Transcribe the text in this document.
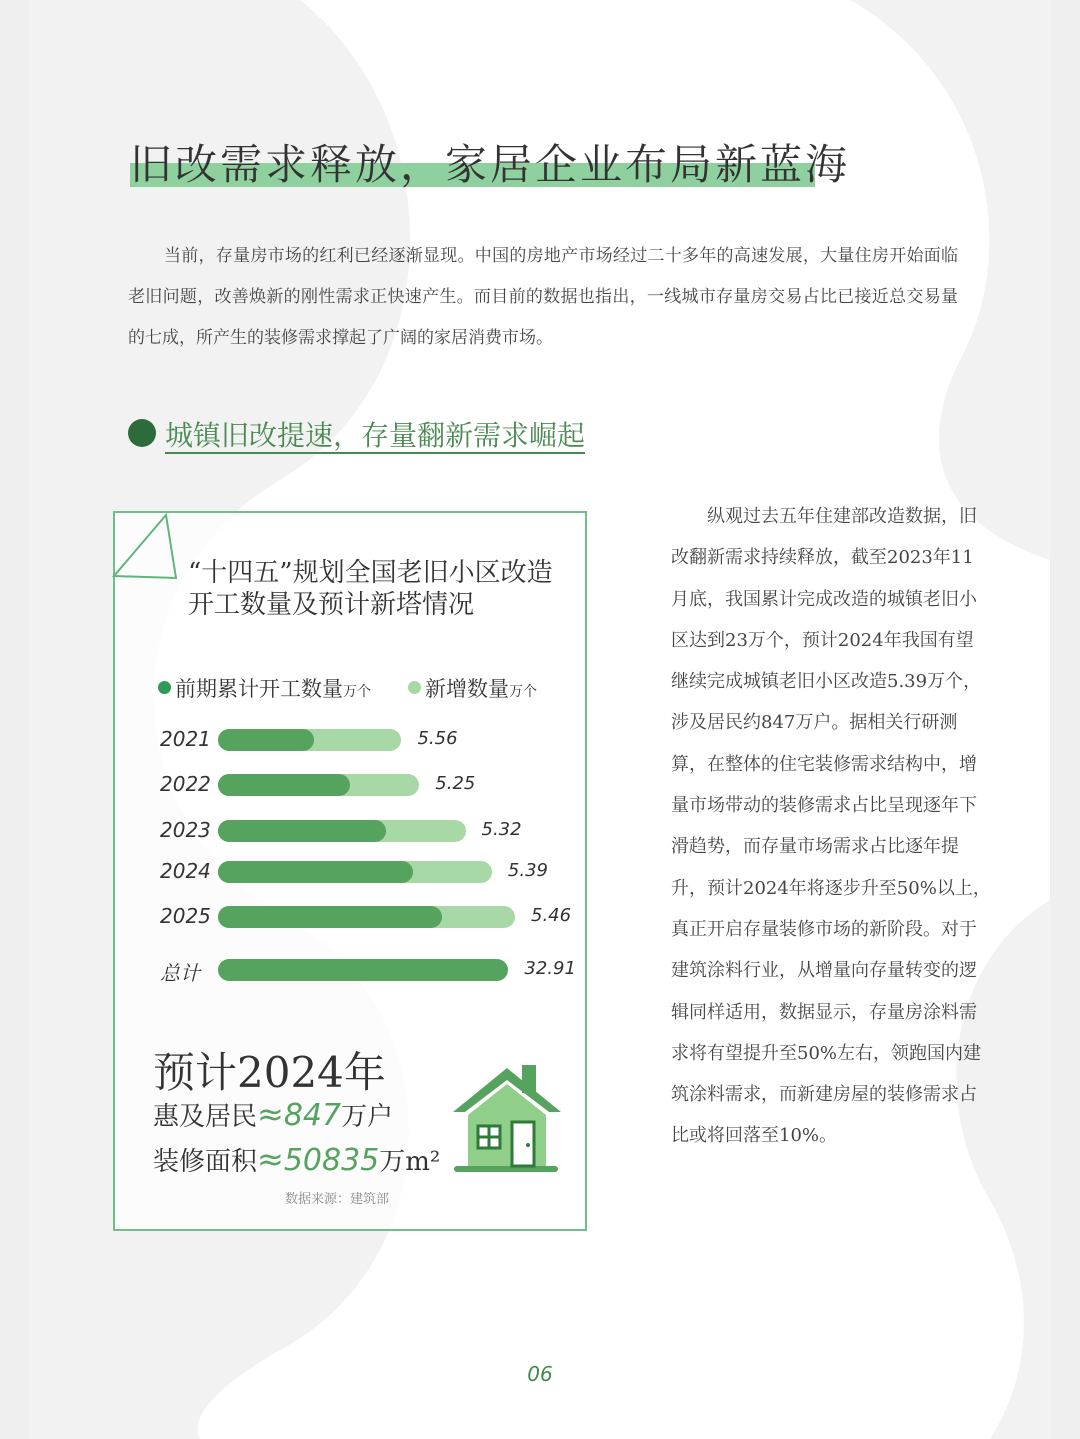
旧改需求释放，家居企业布局新蓝海
当前，存量房市场的红利已经逐渐显现。中国的房地产市场经过二十多年的高速发展，大量住房开始面临老旧问题，改善焕新的刚性需求正快速产生。而目前的数据也指出，一线城市存量房交易占比已接近总交易量的七成，所产生的装修需求撑起了广阔的家居消费市场。
城镇旧改提速，存量翻新需求崛起
“十四五”规划全国老旧小区改造 开工数量及预计新塔情况
前期累计开工数量万个	新增数量万个
2021	5.56
2022	5.25
2023	5.32
2024	5.39
2025	5.46
总计	32.91
预计2024年
惠及居民≈847万户
装修面积≈50835万m²
数据来源：建筑部
纵观过去五年住建部改造数据，旧改翻新需求持续释放，截至2023年11月底，我国累计完成改造的城镇老旧小区达到23万个，预计2024年我国有望继续完成城镇老旧小区改造5.39万个，涉及居民约847万户。据相关行研测算，在整体的住宅装修需求结构中，增量市场带动的装修需求占比呈现逐年下滑趋势，而存量市场需求占比逐年提升，预计2024年将逐步升至50%以上，真正开启存量装修市场的新阶段。对于建筑涂料行业，从增量向存量转变的逻辑同样适用，数据显示，存量房涂料需求将有望提升至50%左右，领跑国内建筑涂料需求，而新建房屋的装修需求占比或将回落至10%。
06
